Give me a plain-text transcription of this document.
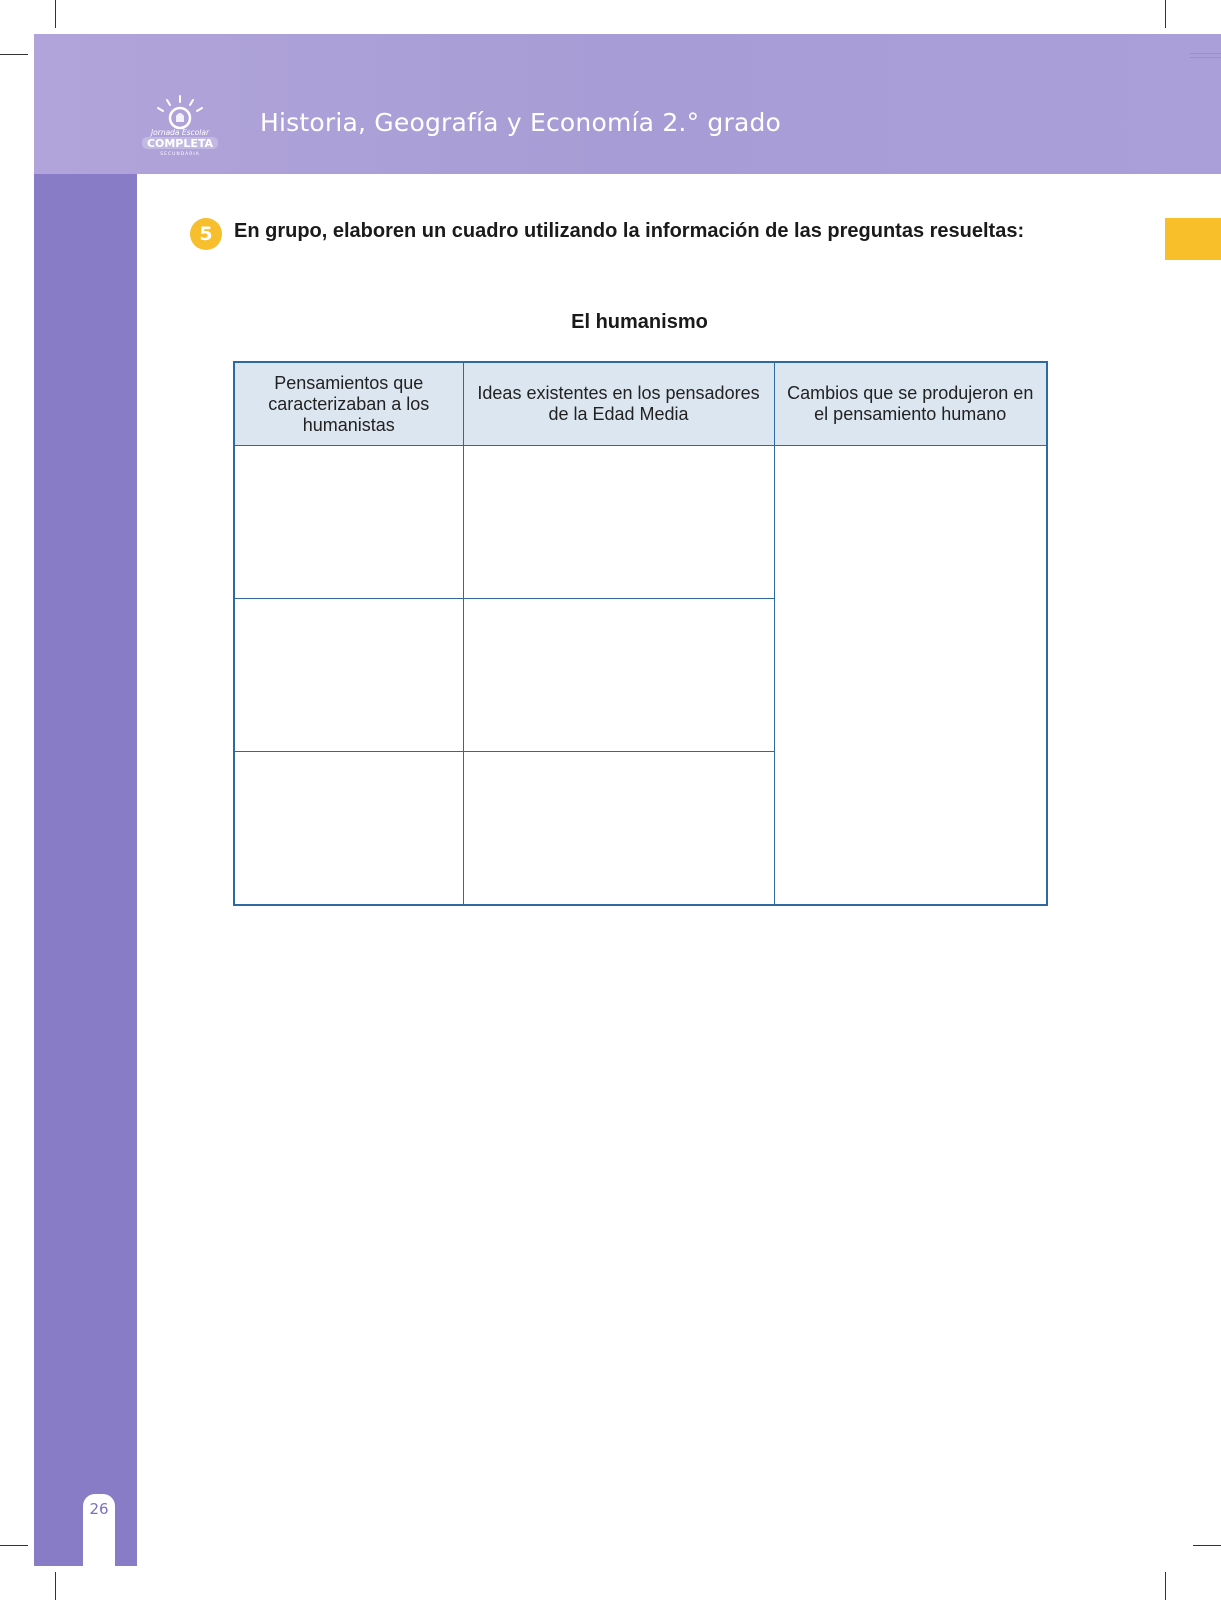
Jornada Escolar
COMPLETA
SECUNDARIA
Historia, Geografía y Economía 2.° grado
26
5	En grupo, elaboren un cuadro utilizando la información de las preguntas resueltas:
El humanismo
Pensamientos que caracterizaban a los humanistas	Ideas existentes en los pensadores de la Edad Media	Cambios que se produjeron en el pensamiento humano
